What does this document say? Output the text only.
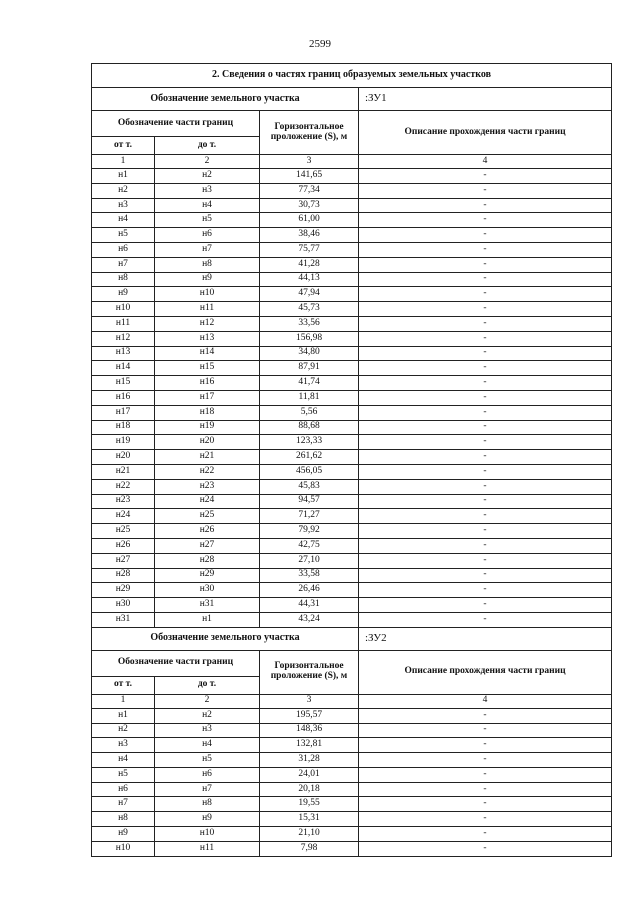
2599
2. Сведения о частях границ образуемых земельных участков			
Обозначение земельного участка			:ЗУ1
Обозначение части границ		Горизонтальное проложение (S), м	Описание прохождения части границ
от т.	до т.		
1	2	3	4
н1	н2	141,65	-
н2	н3	77,34	-
н3	н4	30,73	-
н4	н5	61,00	-
н5	н6	38,46	-
н6	н7	75,77	-
н7	н8	41,28	-
н8	н9	44,13	-
н9	н10	47,94	-
н10	н11	45,73	-
н11	н12	33,56	-
н12	н13	156,98	-
н13	н14	34,80	-
н14	н15	87,91	-
н15	н16	41,74	-
н16	н17	11,81	-
н17	н18	5,56	-
н18	н19	88,68	-
н19	н20	123,33	-
н20	н21	261,62	-
н21	н22	456,05	-
н22	н23	45,83	-
н23	н24	94,57	-
н24	н25	71,27	-
н25	н26	79,92	-
н26	н27	42,75	-
н27	н28	27,10	-
н28	н29	33,58	-
н29	н30	26,46	-
н30	н31	44,31	-
н31	н1	43,24	-
Обозначение земельного участка			:ЗУ2
Обозначение части границ		Горизонтальное проложение (S), м	Описание прохождения части границ
от т.	до т.		
1	2	3	4
н1	н2	195,57	-
н2	н3	148,36	-
н3	н4	132,81	-
н4	н5	31,28	-
н5	н6	24,01	-
н6	н7	20,18	-
н7	н8	19,55	-
н8	н9	15,31	-
н9	н10	21,10	-
н10	н11	7,98	-
